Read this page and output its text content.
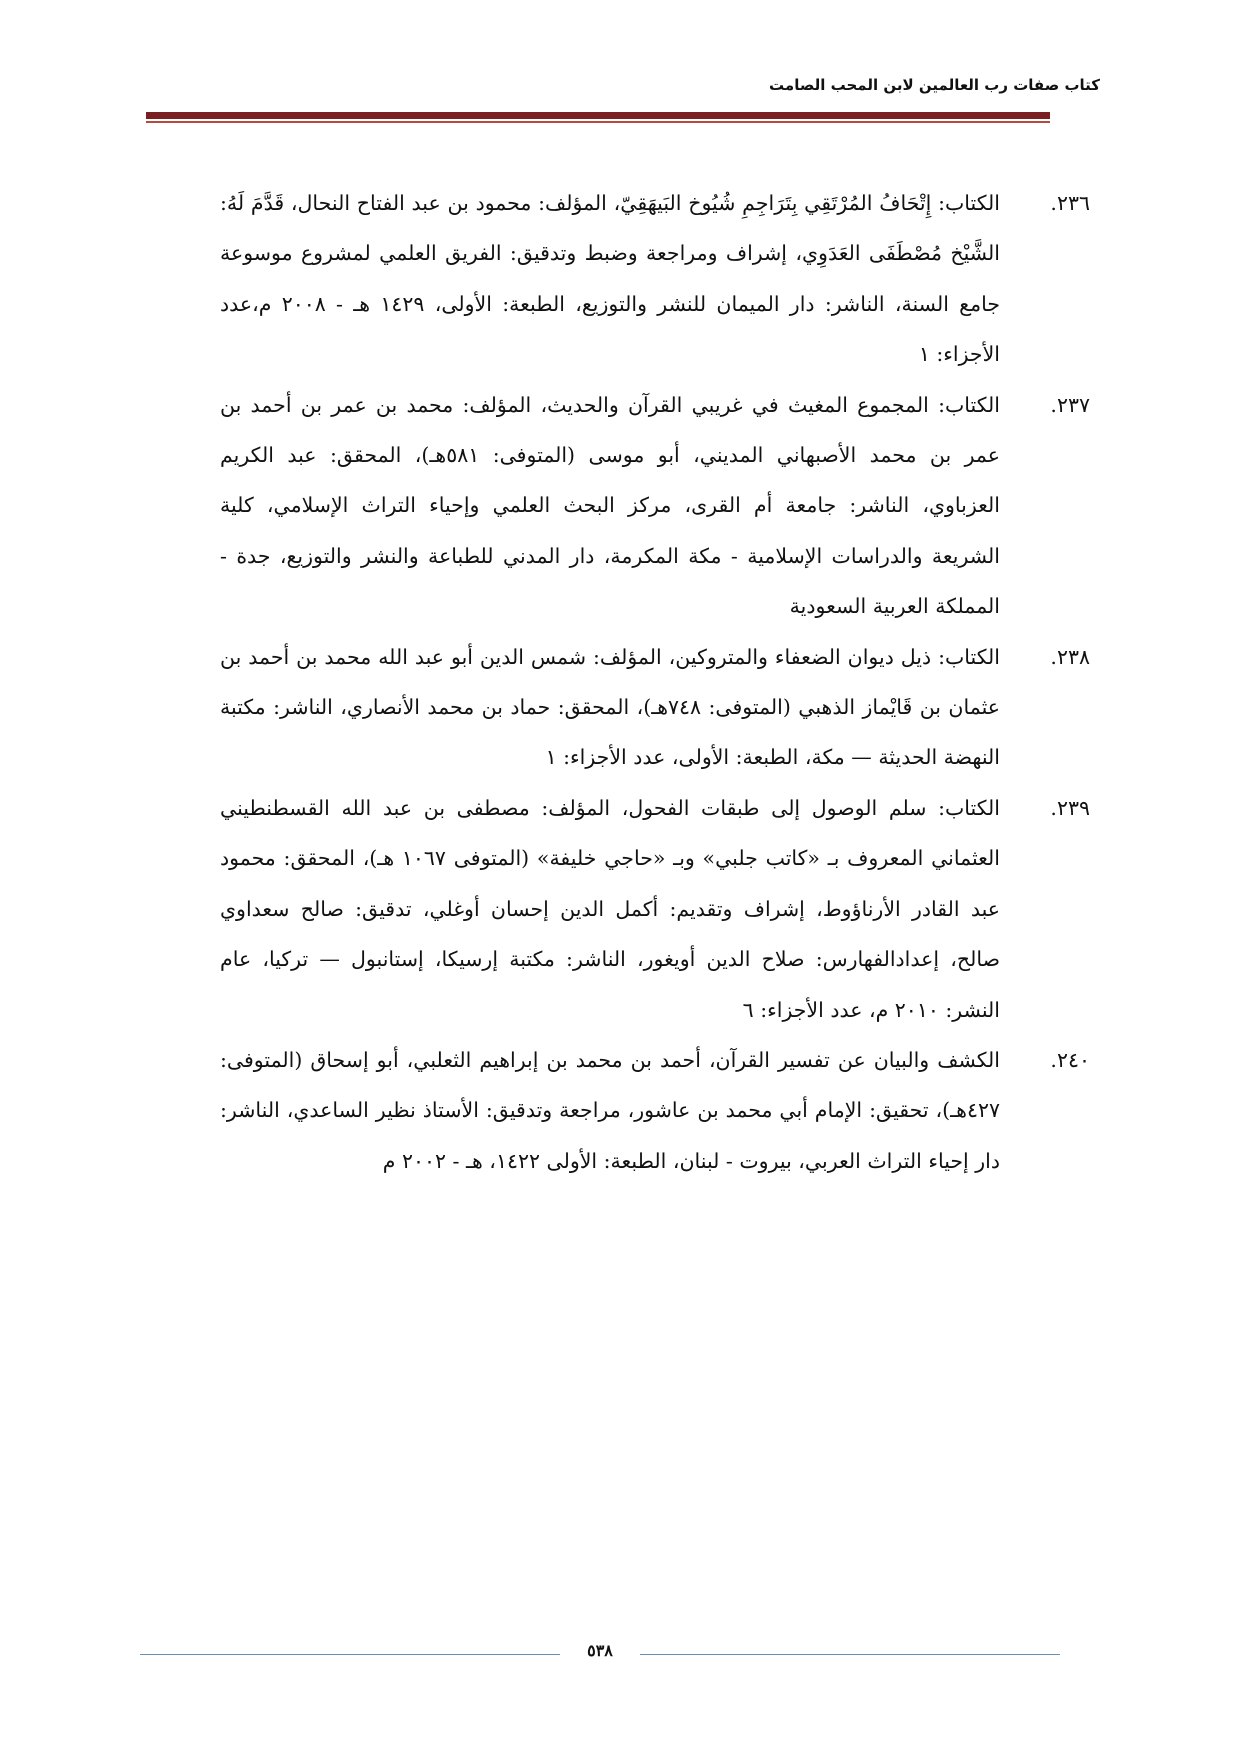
كتاب صفات رب العالمين لابن المحب الصامت
٢٣٦.
الكتاب: إِتْحَافُ المُرْتَقِي بِتَرَاجِمِ شُيُوخ البَيهَقِيّ، المؤلف: محمود بن عبد الفتاح النحال، قَدَّمَ لَهُ: الشَّيْخ مُصْطَفَى العَدَوِي، إشراف ومراجعة وضبط وتدقيق: الفريق العلمي لمشروع موسوعة جامع السنة، الناشر: دار الميمان للنشر والتوزيع، الطبعة: الأولى، ١٤٢٩ هـ - ٢٠٠٨ م،عدد الأجزاء: ١
٢٣٧.
الكتاب: المجموع المغيث في غريبي القرآن والحديث، المؤلف: محمد بن عمر بن أحمد بن عمر بن محمد الأصبهاني المديني، أبو موسى (المتوفى: ٥٨١هـ)، المحقق: عبد الكريم العزباوي، الناشر: جامعة أم القرى، مركز البحث العلمي وإحياء التراث الإسلامي، كلية الشريعة والدراسات الإسلامية - مكة المكرمة، دار المدني للطباعة والنشر والتوزيع، جدة - المملكة العربية السعودية
٢٣٨.
الكتاب: ذيل ديوان الضعفاء والمتروكين، المؤلف: شمس الدين أبو عبد الله محمد بن أحمد بن عثمان بن قَايْماز الذهبي (المتوفى: ٧٤٨هـ)، المحقق: حماد بن محمد الأنصاري، الناشر: مكتبة النهضة الحديثة — مكة، الطبعة: الأولى، عدد الأجزاء: ١
٢٣٩.
الكتاب: سلم الوصول إلى طبقات الفحول، المؤلف: مصطفى بن عبد الله القسطنطيني العثماني المعروف بـ «كاتب جلبي» وبـ «حاجي خليفة» (المتوفى ١٠٦٧ هـ)، المحقق: محمود عبد القادر الأرناؤوط، إشراف وتقديم: أكمل الدين إحسان أوغلي، تدقيق: صالح سعداوي صالح، إعدادالفهارس: صلاح الدين أويغور، الناشر: مكتبة إرسيكا، إستانبول — تركيا، عام النشر: ٢٠١٠ م، عدد الأجزاء: ٦
٢٤٠.
الكشف والبيان عن تفسير القرآن، أحمد بن محمد بن إبراهيم الثعلبي، أبو إسحاق (المتوفى: ٤٢٧هـ)، تحقيق: الإمام أبي محمد بن عاشور، مراجعة وتدقيق: الأستاذ نظير الساعدي، الناشر: دار إحياء التراث العربي، بيروت - لبنان، الطبعة: الأولى ١٤٢٢، هـ - ٢٠٠٢ م
٥٣٨
